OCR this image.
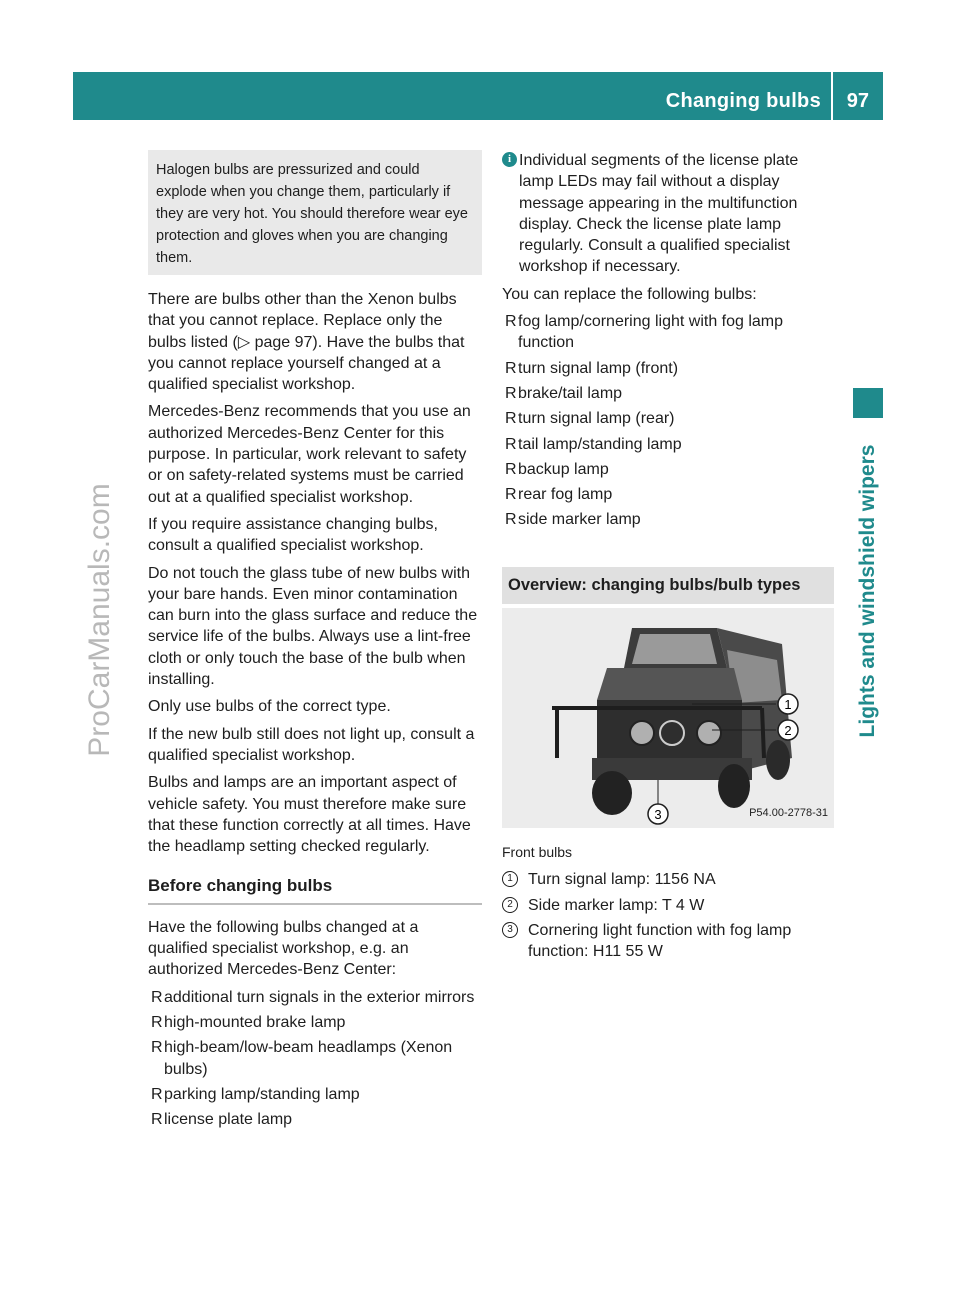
Changing bulbs 97
Lights and windshield wipers
ProCarManuals.com
Halogen bulbs are pressurized and could explode when you change them, particularly if they are very hot. You should therefore wear eye protection and gloves when you are changing them.

There are bulbs other than the Xenon bulbs that you cannot replace. Replace only the bulbs listed (▷ page 97). Have the bulbs that you cannot replace yourself changed at a qualified specialist workshop.

Mercedes-Benz recommends that you use an authorized Mercedes-Benz Center for this purpose. In particular, work relevant to safety or on safety-related systems must be carried out at a qualified specialist workshop.

If you require assistance changing bulbs, consult a qualified specialist workshop.

Do not touch the glass tube of new bulbs with your bare hands. Even minor contamination can burn into the glass surface and reduce the service life of the bulbs. Always use a lint-free cloth or only touch the base of the bulb when installing.

Only use bulbs of the correct type.

If the new bulb still does not light up, consult a qualified specialist workshop.

Bulbs and lamps are an important aspect of vehicle safety. You must therefore make sure that these function correctly at all times. Have the headlamp setting checked regularly.

Before changing bulbs

Have the following bulbs changed at a qualified specialist workshop, e.g. an authorized Mercedes-Benz Center:

R additional turn signals in the exterior mirrors
R high-mounted brake lamp
R high-beam/low-beam headlamps (Xenon bulbs)
R parking lamp/standing lamp
R license plate lamp
i Individual segments of the license plate lamp LEDs may fail without a display message appearing in the multifunction display. Check the license plate lamp regularly. Consult a qualified specialist workshop if necessary.

You can replace the following bulbs:

R fog lamp/cornering light with fog lamp function
R turn signal lamp (front)
R brake/tail lamp
R turn signal lamp (rear)
R tail lamp/standing lamp
R backup lamp
R rear fog lamp
R side marker lamp
Overview: changing bulbs/bulb types
1
2
3	P54.00-2778-31
Front bulbs
1 Turn signal lamp: 1156 NA
2 Side marker lamp: T 4 W
3 Cornering light function with fog lamp function: H11 55 W
